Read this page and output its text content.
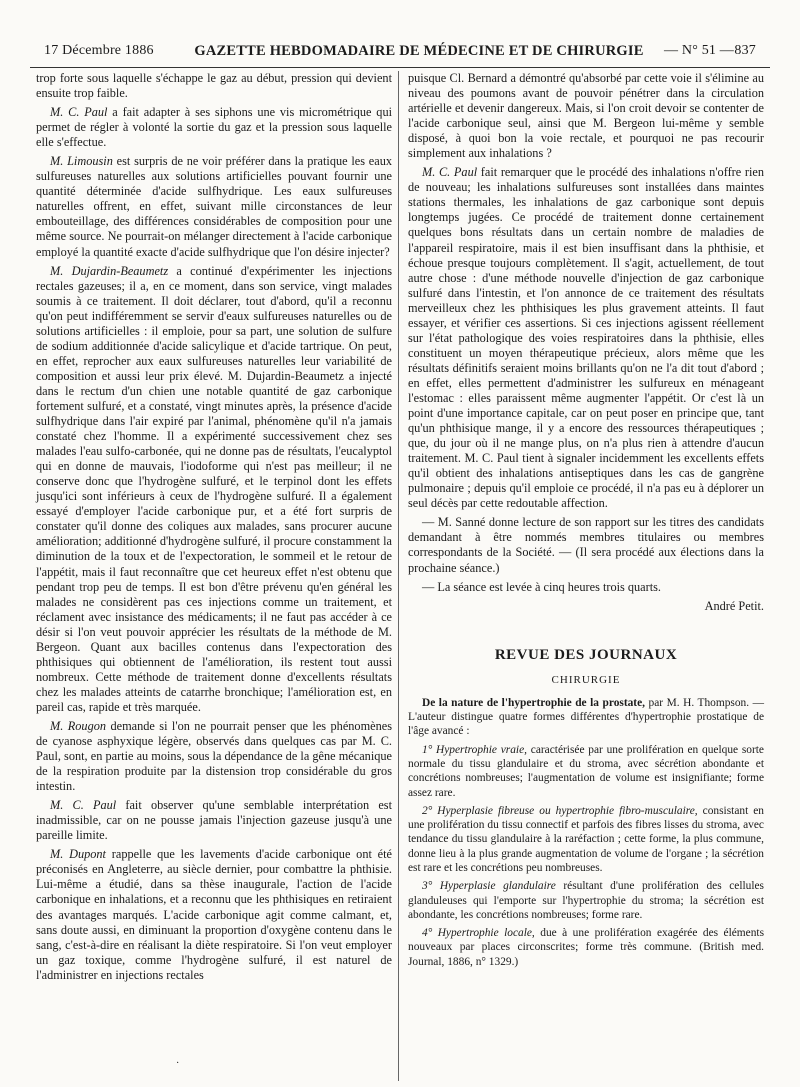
17 Décembre 1886	GAZETTE HEBDOMADAIRE DE MÉDECINE ET DE CHIRURGIE	— N° 51 — 837

trop forte sous laquelle s'échappe le gaz au début, pression qui devient ensuite trop faible.

M. C. Paul a fait adapter à ses siphons une vis micrométrique qui permet de régler à volonté la sortie du gaz et la pression sous laquelle elle s'effectue.

M. Limousin est surpris de ne voir préférer dans la pratique les eaux sulfureuses naturelles aux solutions artificielles pouvant fournir une quantité déterminée d'acide sulfhydrique. Les eaux sulfureuses naturelles offrent, en effet, suivant mille circonstances de leur embouteillage, des différences considérables de composition pour une même source. Ne pourrait-on mélanger directement à l'acide carbonique employé la quantité exacte d'acide sulfhydrique que l'on désire injecter?

M. Dujardin-Beaumetz a continué d'expérimenter les injections rectales gazeuses; il a, en ce moment, dans son service, vingt malades soumis à ce traitement. Il doit déclarer, tout d'abord, qu'il a reconnu qu'on peut indifféremment se servir d'eaux sulfureuses naturelles ou de solutions artificielles : il emploie, pour sa part, une solution de sulfure de sodium additionnée d'acide salicylique et d'acide tartrique. On peut, en effet, reprocher aux eaux sulfureuses naturelles leur variabilité de composition et aussi leur prix élevé. M. Dujardin-Beaumetz a injecté dans le rectum d'un chien une notable quantité de gaz carbonique fortement sulfuré, et a constaté, vingt minutes après, la présence d'acide sulfhydrique dans l'air expiré par l'animal, phénomène qu'il n'a jamais constaté chez l'homme. Il a expérimenté successivement chez ses malades l'eau sulfo-carbonée, qui ne donne pas de résultats, l'eucalyptol qui en donne de mauvais, l'iodoforme qui n'est pas meilleur; il ne conserve donc que l'hydrogène sulfuré, et le terpinol dont les effets jusqu'ici sont inférieurs à ceux de l'hydrogène sulfuré. Il a également essayé d'employer l'acide carbonique pur, et a été fort surpris de constater qu'il donne des coliques aux malades, sans procurer aucune amélioration; additionné d'hydrogène sulfuré, il procure constamment la diminution de la toux et de l'expectoration, le sommeil et le retour de l'appétit, mais il faut reconnaître que cet heureux effet n'est obtenu que pendant trop peu de temps. Il est bon d'être prévenu qu'en général les malades ne considèrent pas ces injections comme un traitement, et réclament avec insistance des médicaments; il ne faut pas accéder à ce désir si l'on veut pouvoir apprécier les résultats de la méthode de M. Bergeon. Quant aux bacilles contenus dans l'expectoration des phthisiques qui obtiennent de l'amélioration, ils restent tout aussi nombreux. Cette méthode de traitement donne d'excellents résultats chez les malades atteints de catarrhe bronchique; l'amélioration est, en pareil cas, rapide et très marquée.

M. Rougon demande si l'on ne pourrait penser que les phénomènes de cyanose asphyxique légère, observés dans quelques cas par M. C. Paul, sont, en partie au moins, sous la dépendance de la gêne mécanique de la respiration produite par la distension trop considérable du gros intestin.

M. C. Paul fait observer qu'une semblable interprétation est inadmissible, car on ne pousse jamais l'injection gazeuse jusqu'à une pareille limite.

M. Dupont rappelle que les lavements d'acide carbonique ont été préconisés en Angleterre, au siècle dernier, pour combattre la phthisie. Lui-même a étudié, dans sa thèse inaugurale, l'action de l'acide carbonique en inhalations, et a reconnu que les phthisiques en retiraient des avantages marqués. L'acide carbonique agit comme calmant, et, sans doute aussi, en diminuant la proportion d'oxygène contenu dans le sang, c'est-à-dire en réalisant la diète respiratoire. Si l'on veut employer un gaz toxique, comme l'hydrogène sulfuré, il est naturel de l'administrer en injections rectales

·

puisque Cl. Bernard a démontré qu'absorbé par cette voie il s'élimine au niveau des poumons avant de pouvoir pénétrer dans la circulation artérielle et devenir dangereux. Mais, si l'on croit devoir se contenter de l'acide carbonique seul, ainsi que M. Bergeon lui-même y semble disposé, à quoi bon la voie rectale, et pourquoi ne pas recourir simplement aux inhalations ?

M. C. Paul fait remarquer que le procédé des inhalations n'offre rien de nouveau; les inhalations sulfureuses sont installées dans maintes stations thermales, les inhalations de gaz carbonique sont depuis longtemps jugées. Ce procédé de traitement donne certainement quelques bons résultats dans un certain nombre de maladies de l'appareil respiratoire, mais il est bien insuffisant dans la phthisie, et échoue presque toujours complètement. Il s'agit, actuellement, de tout autre chose : d'une méthode nouvelle d'injection de gaz carbonique sulfuré dans l'intestin, et l'on annonce de ce traitement des résultats merveilleux chez les phthisiques les plus gravement atteints. Il faut essayer, et vérifier ces assertions. Si ces injections agissent réellement sur l'état pathologique des voies respiratoires dans la phthisie, elles constituent un moyen thérapeutique précieux, alors même que les résultats définitifs seraient moins brillants qu'on ne l'a dit tout d'abord ; en effet, elles permettent d'administrer les sulfureux en ménageant l'estomac : elles paraissent même augmenter l'appétit. Or c'est là un point d'une importance capitale, car on peut poser en principe que, tant qu'un phthisique mange, il y a encore des ressources thérapeutiques ; que, du jour où il ne mange plus, on n'a plus rien à attendre d'aucun traitement. M. C. Paul tient à signaler incidemment les excellents effets qu'il obtient des inhalations antiseptiques dans les cas de gangrène pulmonaire ; depuis qu'il emploie ce procédé, il n'a pas eu à déplorer un seul décès par cette redoutable affection.

— M. Sanné donne lecture de son rapport sur les titres des candidats demandant à être nommés membres titulaires ou membres correspondants de la Société. — (Il sera procédé aux élections dans la prochaine séance.)

— La séance est levée à cinq heures trois quarts.

André Petit.

REVUE DES JOURNAUX
CHIRURGIE

De la nature de l'hypertrophie de la prostate, par M. H. Thompson. — L'auteur distingue quatre formes différentes d'hypertrophie prostatique de l'âge avancé :

1° Hypertrophie vraie, caractérisée par une prolifération en quelque sorte normale du tissu glandulaire et du stroma, avec sécrétion abondante et concrétions nombreuses; l'augmentation de volume est insignifiante; forme assez rare.

2° Hyperplasie fibreuse ou hypertrophie fibro-musculaire, consistant en une prolifération du tissu connectif et parfois des fibres lisses du stroma, avec tendance du tissu glandulaire à la raréfaction ; cette forme, la plus commune, donne lieu à la plus grande augmentation de volume de l'organe ; la sécrétion est rare et les concrétions peu nombreuses.

3° Hyperplasie glandulaire résultant d'une prolifération des cellules glanduleuses qui l'emporte sur l'hypertrophie du stroma; la sécrétion est abondante, les concrétions nombreuses; forme rare.

4° Hypertrophie locale, due à une prolifération exagérée des éléments nouveaux par places circonscrites; forme très commune. (British med. Journal, 1886, n° 1329.)
